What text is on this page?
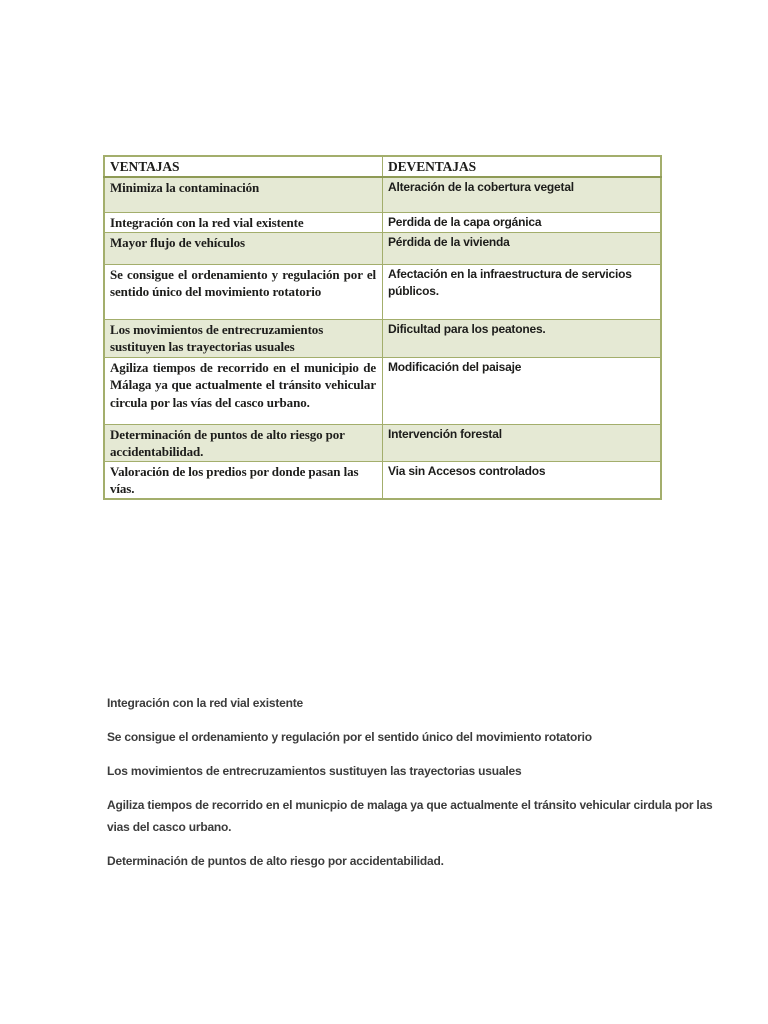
VENTAJAS	DEVENTAJAS
Minimiza la contaminación	Alteración de la cobertura vegetal
Integración con la red vial existente	Perdida de la capa orgánica
Mayor flujo de vehículos	Pérdida de la vivienda
Se consigue el ordenamiento y regulación por el sentido único del movimiento rotatorio	Afectación en la infraestructura de servicios públicos.
Los movimientos de entrecruzamientos sustituyen las trayectorias usuales	Dificultad para los peatones.
Agiliza tiempos de recorrido en el municipio de Málaga ya que actualmente el tránsito vehicular circula por las vías del casco urbano.	Modificación del paisaje
Determinación de puntos de alto riesgo por accidentabilidad.	Intervención forestal
Valoración de los predios por donde pasan las vías.	Via sin Accesos controlados

Integración con la red vial existente

Se consigue el ordenamiento y regulación por el sentido único del movimiento rotatorio

Los movimientos de entrecruzamientos sustituyen las trayectorias usuales

Agiliza tiempos de recorrido en el municpio de malaga ya que actualmente el tránsito vehicular cirdula por las vias del casco urbano.

Determinación de puntos de alto riesgo por accidentabilidad.
